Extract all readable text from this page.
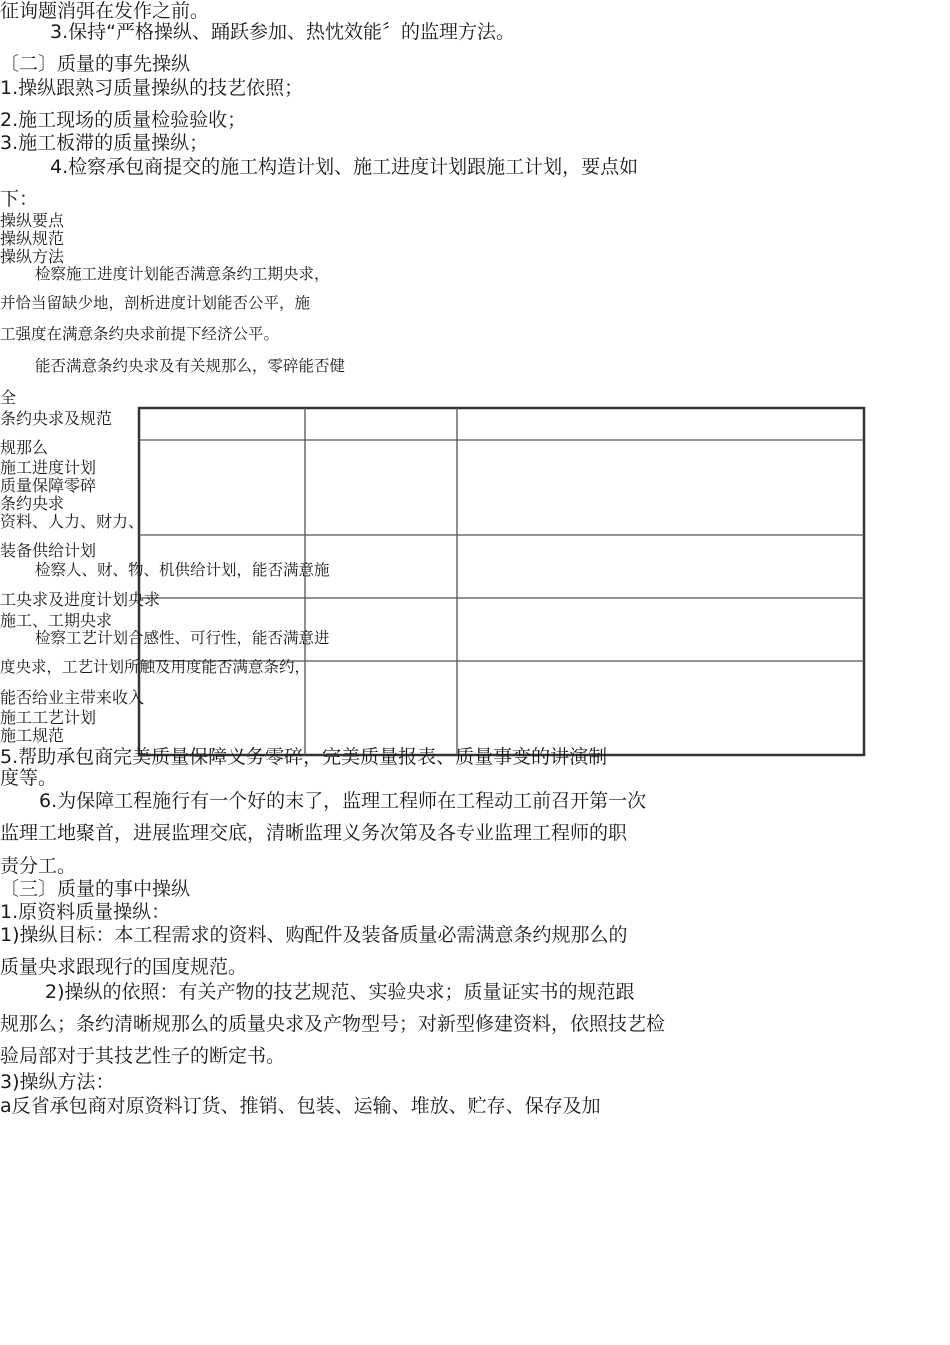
征询题消弭在发作之前。

3.保持“严格操纵、踊跃参加、热忱效能〞的监理方法。

〔二〕质量的事先操纵

1.操纵跟熟习质量操纵的技艺依照；

2.施工现场的质量检验验收；

3.施工板滞的质量操纵；

4.检察承包商提交的施工构造计划、施工进度计划跟施工计划，要点如

下：

操纵要点

操纵规范

操纵方法

检察施工进度计划能否满意条约工期央求，

并恰当留缺少地，剖析进度计划能否公平，施

工强度在满意条约央求前提下经济公平。

能否满意条约央求及有关规那么，零碎能否健

全

条约央求及规范

规那么

施工进度计划

质量保障零碎

条约央求

资料、人力、财力、

装备供给计划

检察人、财、物、机供给计划，能否满意施

工央求及进度计划央求

施工、工期央求

检察工艺计划合感性、可行性，能否满意进

度央求，工艺计划所触及用度能否满意条约，

能否给业主带来收入

施工工艺计划

施工规范

5.帮助承包商完美质量保障义务零碎，完美质量报表、质量事变的讲演制

度等。

6.为保障工程施行有一个好的末了，监理工程师在工程动工前召开第一次

监理工地聚首，进展监理交底，清晰监理义务次第及各专业监理工程师的职

责分工。

〔三〕质量的事中操纵

1.原资料质量操纵：

1)操纵目标：本工程需求的资料、购配件及装备质量必需满意条约规那么的

质量央求跟现行的国度规范。

2)操纵的依照：有关产物的技艺规范、实验央求；质量证实书的规范跟

规那么；条约清晰规那么的质量央求及产物型号；对新型修建资料，依照技艺检

验局部对于其技艺性子的断定书。

3)操纵方法：

a反省承包商对原资料订货、推销、包装、运输、堆放、贮存、保存及加
